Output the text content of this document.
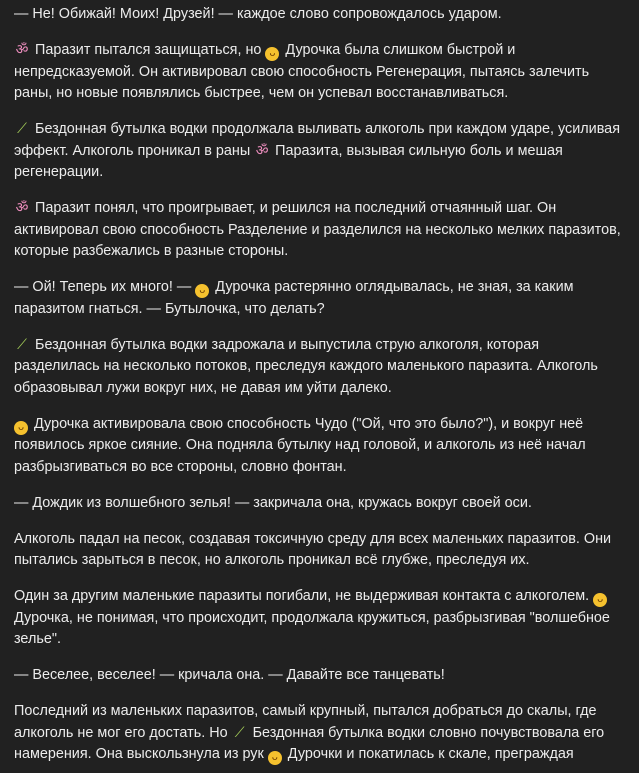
— Не! Обижай! Моих! Друзей! — каждое слово сопровождалось ударом.

ॐ Паразит пытался защищаться, но ᴗ Дурочка была слишком быстрой и непредсказуемой. Он активировал свою способность Регенерация, пытаясь залечить раны, но новые появлялись быстрее, чем он успевал восстанавливаться.

⟋ Бездонная бутылка водки продолжала выливать алкоголь при каждом ударе, усиливая эффект. Алкоголь проникал в раны ॐ Паразита, вызывая сильную боль и мешая регенерации.

ॐ Паразит понял, что проигрывает, и решился на последний отчаянный шаг. Он активировал свою способность Разделение и разделился на несколько мелких паразитов, которые разбежались в разные стороны.

— Ой! Теперь их много! — ᴗ Дурочка растерянно оглядывалась, не зная, за каким паразитом гнаться. — Бутылочка, что делать?

⟋ Бездонная бутылка водки задрожала и выпустила струю алкоголя, которая разделилась на несколько потоков, преследуя каждого маленького паразита. Алкоголь образовывал лужи вокруг них, не давая им уйти далеко.

ᴗ Дурочка активировала свою способность Чудо ("Ой, что это было?"), и вокруг неё появилось яркое сияние. Она подняла бутылку над головой, и алкоголь из неё начал разбрызгиваться во все стороны, словно фонтан.

— Дождик из волшебного зелья! — закричала она, кружась вокруг своей оси.

Алкоголь падал на песок, создавая токсичную среду для всех маленьких паразитов. Они пытались зарыться в песок, но алкоголь проникал всё глубже, преследуя их.

Один за другим маленькие паразиты погибали, не выдерживая контакта с алкоголем. ᴗ Дурочка, не понимая, что происходит, продолжала кружиться, разбрызгивая "волшебное зелье".

— Веселее, веселее! — кричала она. — Давайте все танцевать!

Последний из маленьких паразитов, самый крупный, пытался добраться до скалы, где алкоголь не мог его достать. Но ⟋ Бездонная бутылка водки словно почувствовала его намерения. Она выскользнула из рук ᴗ Дурочки и покатилась к скале, преграждая
